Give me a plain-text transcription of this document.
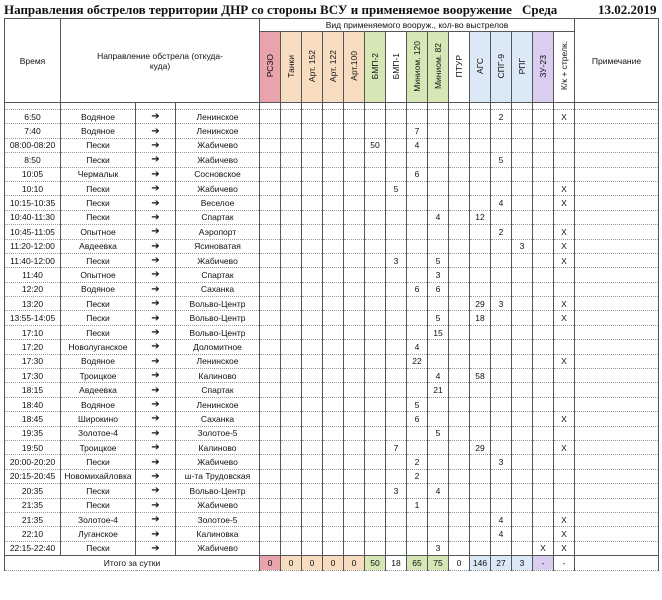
Направления обстрелов территории ДНР со стороны ВСУ и применяемое вооружение Среда	13.02.2019
Время	Направление обстрела (откуда-куда)			Вид применяемого вооруж., кол-во выстрелов															Примечание
				РСЗО	Танки	Арт. 152	Арт. 122	Арт.100	БМП-2	БМП-1	Миниом. 120	Миниом. 82	ПТУР	АГС	СПГ-9	РПГ	ЗУ-23	К/к + стрелк.	

6:50	Водяное	➔	Ленинское												2			Х	
7:40	Водяное	➔	Ленинское								7								
08:00-08:20	Пески	➔	Жабичево						50		4								
8:50	Пески	➔	Жабичево												5				
10:05	Чермалык	➔	Сосновское								6								
10:10	Пески	➔	Жабичево							5								Х	
10:15-10:35	Пески	➔	Веселое												4			Х	
10:40-11:30	Пески	➔	Спартак									4		12					
10:45-11:05	Опытное	➔	Аэропорт												2			Х	
11:20-12:00	Авдеевка	➔	Ясиноватая													3		Х	
11:40-12:00	Пески	➔	Жабичево							3		5						Х	
11:40	Опытное	➔	Спартак									3							
12:20	Водяное	➔	Саханка								6	6							
13:20	Пески	➔	Вольво-Центр											29	3			Х	
13:55-14:05	Пески	➔	Вольво-Центр									5		18				Х	
17:10	Пески	➔	Вольво-Центр									15							
17:20	Новолуганское	➔	Доломитное								4								
17:30	Водяное	➔	Ленинское								22							Х	
17:30	Троицкое	➔	Калиново									4		58					
18:15	Авдеевка	➔	Спартак									21							
18:40	Водяное	➔	Ленинское								5								
18:45	Широкино	➔	Саханка								6							Х	
19:35	Золотое-4	➔	Золотое-5									5							
19:50	Троицкое	➔	Калиново							7				29				Х	
20:00-20:20	Пески	➔	Жабичево								2				3				
20:15-20:45	Новомихайловка	➔	ш-та Трудовская								2								
20:35	Пески	➔	Вольво-Центр							3		4							
21:35	Пески	➔	Жабичево								1								
21:35	Золотое-4	➔	Золотое-5												4			Х	
22:10	Луганское	➔	Калиновка												4			Х	
22:15-22:40	Пески	➔	Жабичево									3					Х	Х	
Итого за сутки				0	0	0	0	0	50	18	65	75	0	146	27	3	-	-	
